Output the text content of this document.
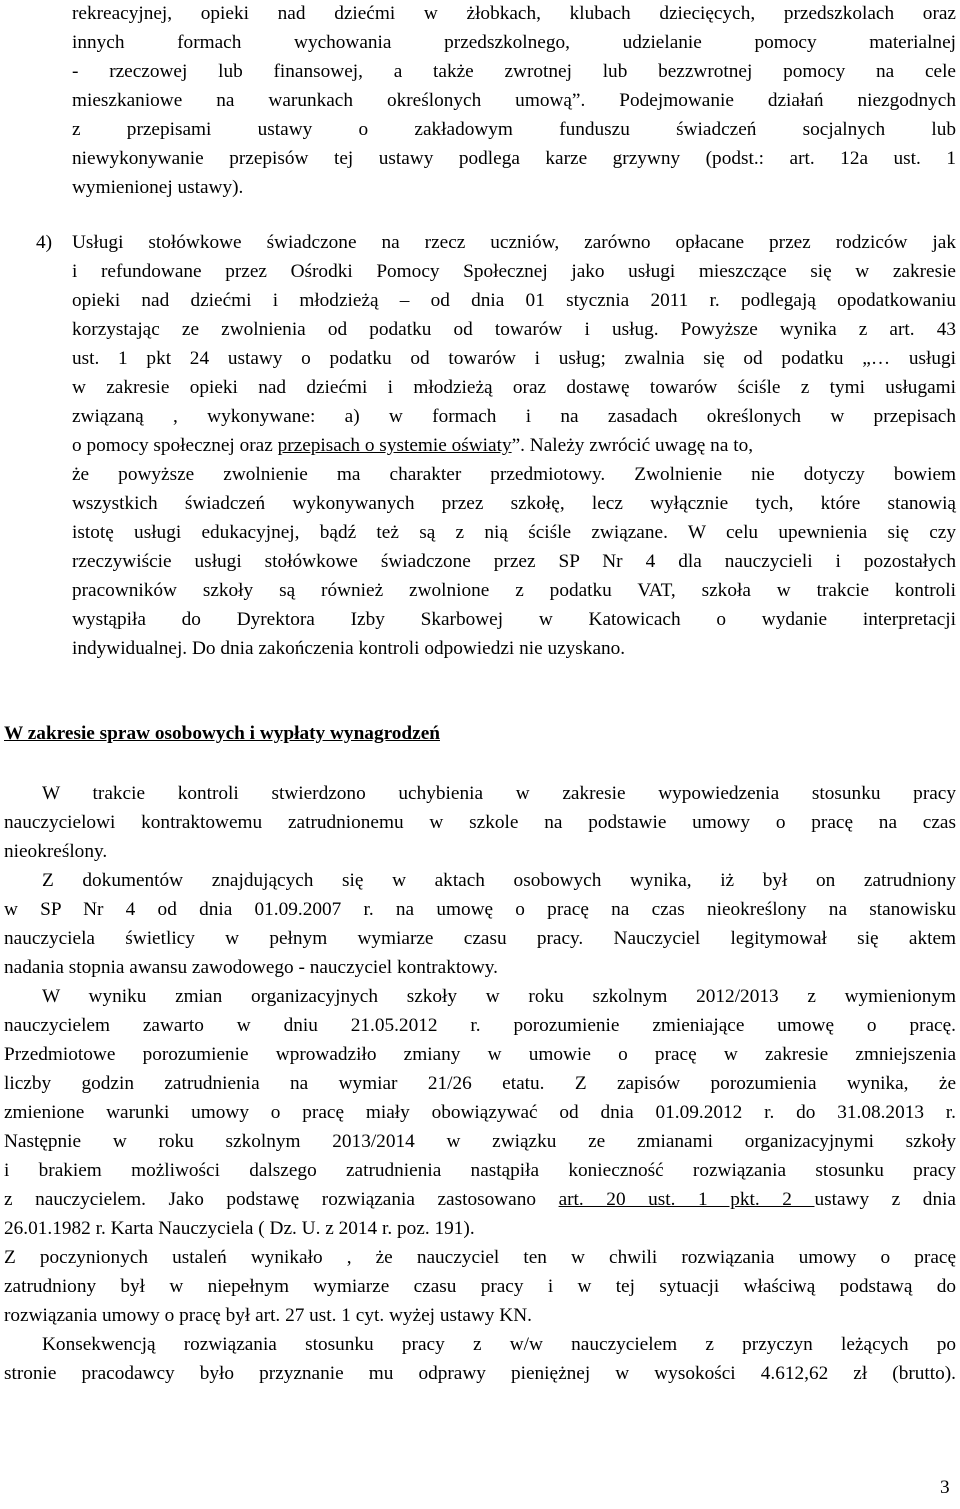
rekreacyjnej, opieki nad dziećmi w żłobkach, klubach dziecięcych, przedszkolach oraz
innych formach wychowania przedszkolnego, udzielanie pomocy materialnej
- rzeczowej lub finansowej, a także zwrotnej lub bezzwrotnej pomocy na cele
mieszkaniowe na warunkach określonych umową”. Podejmowanie działań niezgodnych
z przepisami ustawy o zakładowym funduszu świadczeń socjalnych lub
niewykonywanie przepisów tej ustawy podlega karze grzywny (podst.: art. 12a ust. 1
wymienionej ustawy).
4) Usługi stołówkowe świadczone na rzecz uczniów, zarówno opłacane przez rodziców jak
i refundowane przez Ośrodki Pomocy Społecznej jako usługi mieszczące się w zakresie
opieki nad dziećmi i młodzieżą – od dnia 01 stycznia 2011 r. podlegają opodatkowaniu
korzystając ze zwolnienia od podatku od towarów i usług. Powyższe wynika z art. 43
ust. 1 pkt 24 ustawy o podatku od towarów i usług; zwalnia się od podatku „… usługi
w zakresie opieki nad dziećmi i młodzieżą oraz dostawę towarów ściśle z tymi usługami
związaną , wykonywane: a) w formach i na zasadach określonych w przepisach
o pomocy społecznej oraz przepisach o systemie oświaty”. Należy zwrócić uwagę na to,
że powyższe zwolnienie ma charakter przedmiotowy. Zwolnienie nie dotyczy bowiem
wszystkich świadczeń wykonywanych przez szkołę, lecz wyłącznie tych, które stanowią
istotę usługi edukacyjnej, bądź też są z nią ściśle związane. W celu upewnienia się czy
rzeczywiście usługi stołówkowe świadczone przez SP Nr 4 dla nauczycieli i pozostałych
pracowników szkoły są również zwolnione z podatku VAT, szkoła w trakcie kontroli
wystąpiła do Dyrektora Izby Skarbowej w Katowicach o wydanie interpretacji
indywidualnej. Do dnia zakończenia kontroli odpowiedzi nie uzyskano.
W zakresie spraw osobowych i wypłaty wynagrodzeń
W trakcie kontroli stwierdzono uchybienia w zakresie wypowiedzenia stosunku pracy
nauczycielowi kontraktowemu zatrudnionemu w szkole na podstawie umowy o pracę na czas
nieokreślony.
Z dokumentów znajdujących się w aktach osobowych wynika, iż był on zatrudniony
w SP Nr 4 od dnia 01.09.2007 r. na umowę o pracę na czas nieokreślony na stanowisku
nauczyciela świetlicy w pełnym wymiarze czasu pracy. Nauczyciel legitymował się aktem
nadania stopnia awansu zawodowego - nauczyciel kontraktowy.
W wyniku zmian organizacyjnych szkoły w roku szkolnym 2012/2013 z wymienionym
nauczycielem zawarto w dniu 21.05.2012 r. porozumienie zmieniające umowę o pracę.
Przedmiotowe porozumienie wprowadziło zmiany w umowie o pracę w zakresie zmniejszenia
liczby godzin zatrudnienia na wymiar 21/26 etatu. Z zapisów porozumienia wynika, że
zmienione warunki umowy o pracę miały obowiązywać od dnia 01.09.2012 r. do 31.08.2013 r.
Następnie w roku szkolnym 2013/2014 w związku ze zmianami organizacyjnymi szkoły
i brakiem możliwości dalszego zatrudnienia nastąpiła konieczność rozwiązania stosunku pracy
z nauczycielem. Jako podstawę rozwiązania zastosowano art. 20 ust. 1 pkt. 2 ustawy z dnia
26.01.1982 r. Karta Nauczyciela ( Dz. U. z 2014 r. poz. 191).
Z poczynionych ustaleń wynikało , że nauczyciel ten w chwili rozwiązania umowy o pracę
zatrudniony był w niepełnym wymiarze czasu pracy i w tej sytuacji właściwą podstawą do
rozwiązania umowy o pracę był art. 27 ust. 1 cyt. wyżej ustawy KN.
Konsekwencją rozwiązania stosunku pracy z w/w nauczycielem z przyczyn leżących po
stronie pracodawcy było przyznanie mu odprawy pieniężnej w wysokości 4.612,62 zł (brutto).
3
